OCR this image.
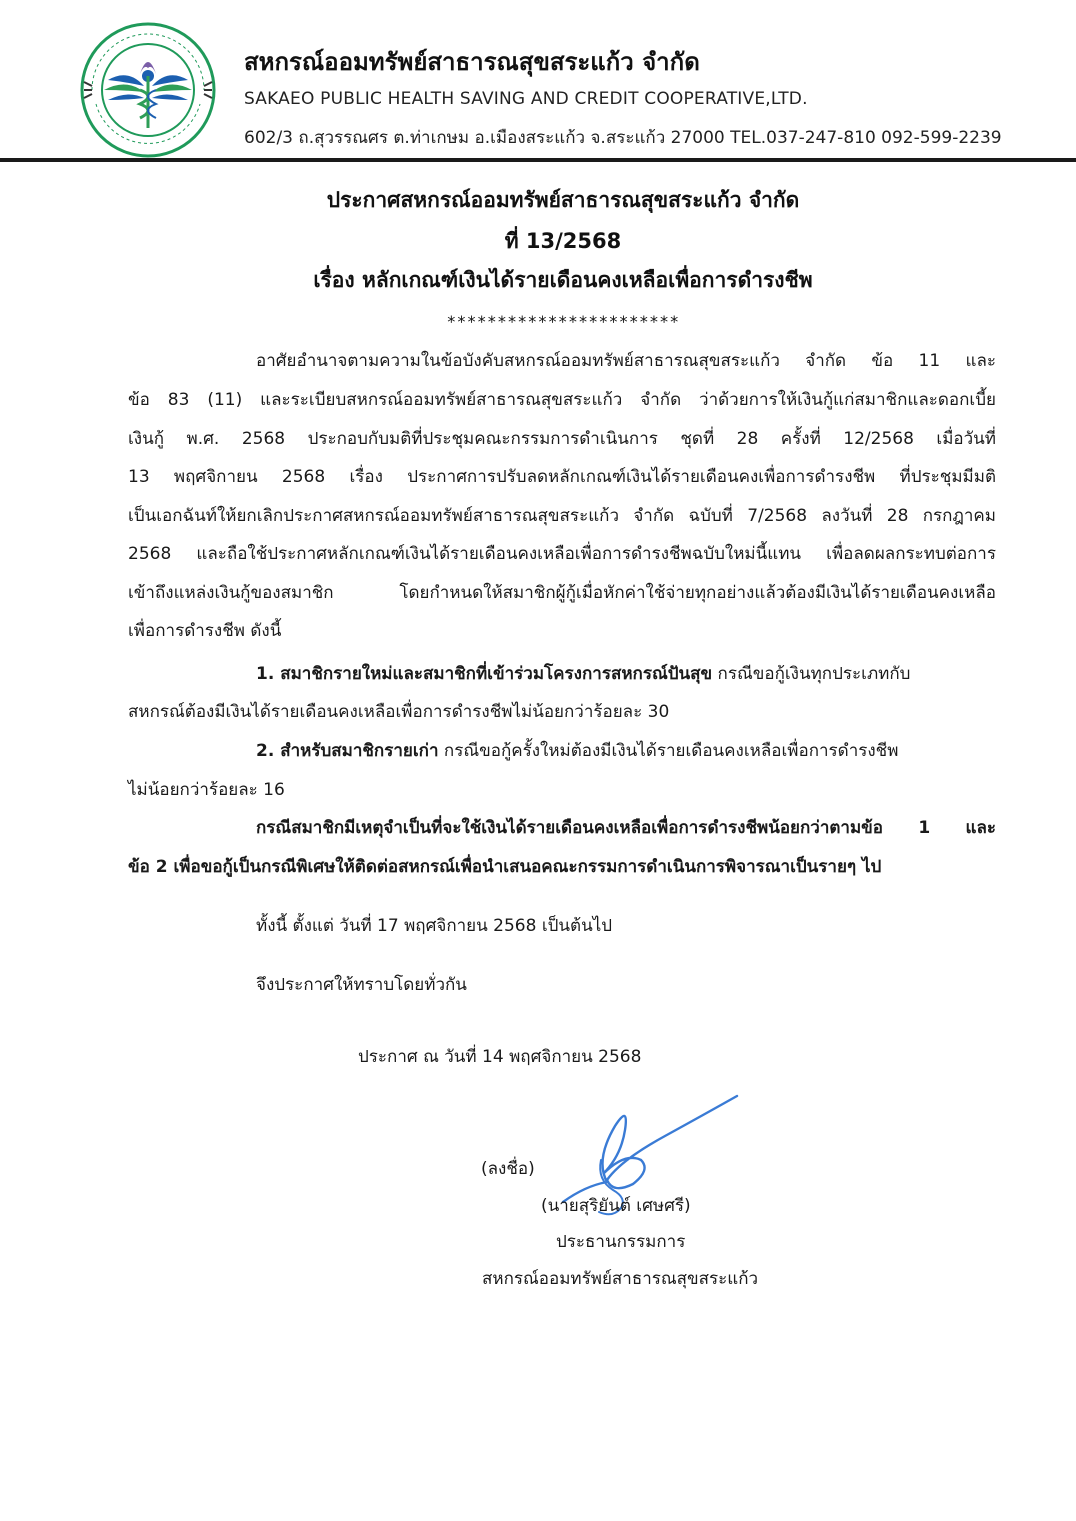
สหกรณ์ออมทรัพย์สาธารณสุขสระแก้ว จำกัด
SAKAEO PUBLIC HEALTH SAVING AND CREDIT COOPERATIVE,LTD.
602/3 ถ.สุวรรณศร ต.ท่าเกษม อ.เมืองสระแก้ว จ.สระแก้ว 27000 TEL.037-247-810 092-599-2239
ประกาศสหกรณ์ออมทรัพย์สาธารณสุขสระแก้ว จำกัด
ที่ 13/2568
เรื่อง หลักเกณฑ์เงินได้รายเดือนคงเหลือเพื่อการดำรงชีพ
***********************
อาศัยอำนาจตามความในข้อบังคับสหกรณ์ออมทรัพย์สาธารณสุขสระแก้ว จำกัด ข้อ 11 และ
ข้อ 83 (11) และระเบียบสหกรณ์ออมทรัพย์สาธารณสุขสระแก้ว จำกัด ว่าด้วยการให้เงินกู้แก่สมาชิกและดอกเบี้ย
เงินกู้ พ.ศ. 2568 ประกอบกับมติที่ประชุมคณะกรรมการดำเนินการ ชุดที่ 28 ครั้งที่ 12/2568 เมื่อวันที่
13 พฤศจิกายน 2568 เรื่อง ประกาศการปรับลดหลักเกณฑ์เงินได้รายเดือนคงเพื่อการดำรงชีพ ที่ประชุมมีมติ
เป็นเอกฉันท์ให้ยกเลิกประกาศสหกรณ์ออมทรัพย์สาธารณสุขสระแก้ว จำกัด ฉบับที่ 7/2568 ลงวันที่ 28 กรกฎาคม
2568 และถือใช้ประกาศหลักเกณฑ์เงินได้รายเดือนคงเหลือเพื่อการดำรงชีพฉบับใหม่นี้แทน เพื่อลดผลกระทบต่อการ
เข้าถึงแหล่งเงินกู้ของสมาชิก โดยกำหนดให้สมาชิกผู้กู้เมื่อหักค่าใช้จ่ายทุกอย่างแล้วต้องมีเงินได้รายเดือนคงเหลือ
เพื่อการดำรงชีพ ดังนี้
1. สมาชิกรายใหม่และสมาชิกที่เข้าร่วมโครงการสหกรณ์ปันสุข กรณีขอกู้เงินทุกประเภทกับ
สหกรณ์ต้องมีเงินได้รายเดือนคงเหลือเพื่อการดำรงชีพไม่น้อยกว่าร้อยละ 30
2. สำหรับสมาชิกรายเก่า กรณีขอกู้ครั้งใหม่ต้องมีเงินได้รายเดือนคงเหลือเพื่อการดำรงชีพ
ไม่น้อยกว่าร้อยละ 16
กรณีสมาชิกมีเหตุจำเป็นที่จะใช้เงินได้รายเดือนคงเหลือเพื่อการดำรงชีพน้อยกว่าตามข้อ 1 และ
ข้อ 2 เพื่อขอกู้เป็นกรณีพิเศษให้ติดต่อสหกรณ์เพื่อนำเสนอคณะกรรมการดำเนินการพิจารณาเป็นรายๆ ไป
ทั้งนี้ ตั้งแต่ วันที่ 17 พฤศจิกายน 2568 เป็นต้นไป
จึงประกาศให้ทราบโดยทั่วกัน
ประกาศ ณ วันที่ 14 พฤศจิกายน 2568
(ลงชื่อ)
(นายสุริยันต์ เศษศรี)
ประธานกรรมการ
สหกรณ์ออมทรัพย์สาธารณสุขสระแก้ว
